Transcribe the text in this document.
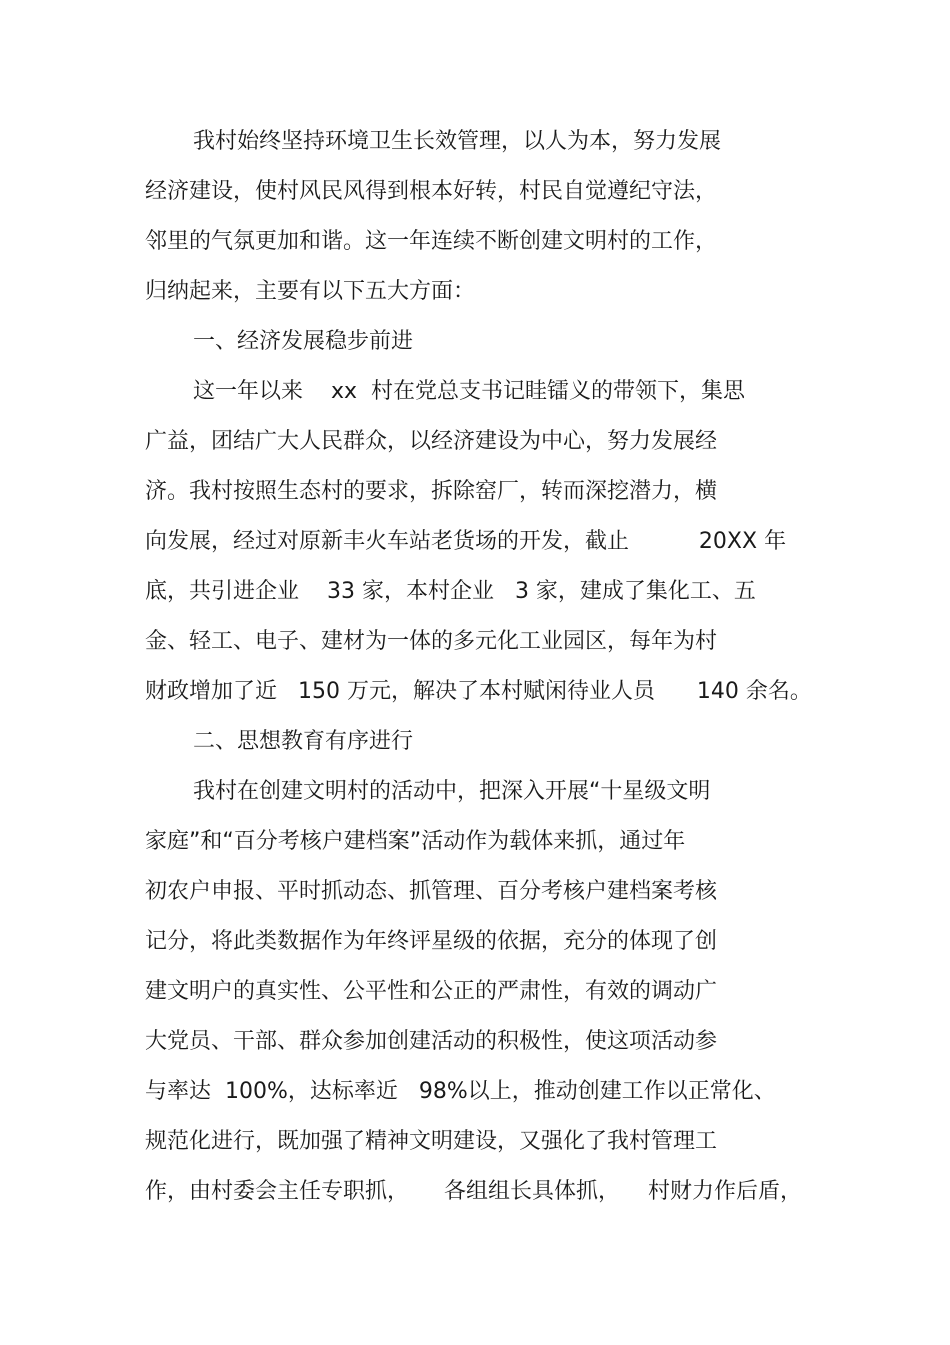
我村始终坚持环境卫生长效管理，以人为本，努力发展

经济建设，使村风民风得到根本好转，村民自觉遵纪守法，

邻里的气氛更加和谐。这一年连续不断创建文明村的工作，

归纳起来，主要有以下五大方面：

一、经济发展稳步前进

这一年以来    xx  村在党总支书记眭镭义的带领下，集思

广益，团结广大人民群众，以经济建设为中心，努力发展经

济。我村按照生态村的要求，拆除窑厂，转而深挖潜力，横

向发展，经过对原新丰火车站老货场的开发，截止          20XX 年

底，共引进企业    33 家，本村企业   3 家，建成了集化工、五

金、轻工、电子、建材为一体的多元化工业园区，每年为村

财政增加了近   150 万元，解决了本村赋闲待业人员      140 余名。

二、思想教育有序进行

我村在创建文明村的活动中，把深入开展“十星级文明

家庭”和“百分考核户建档案”活动作为载体来抓，通过年

初农户申报、平时抓动态、抓管理、百分考核户建档案考核

记分，将此类数据作为年终评星级的依据，充分的体现了创

建文明户的真实性、公平性和公正的严肃性，有效的调动广

大党员、干部、群众参加创建活动的积极性，使这项活动参

与率达  100%，达标率近   98%以上，推动创建工作以正常化、

规范化进行，既加强了精神文明建设，又强化了我村管理工

作，由村委会主任专职抓，     各组组长具体抓，    村财力作后盾，
